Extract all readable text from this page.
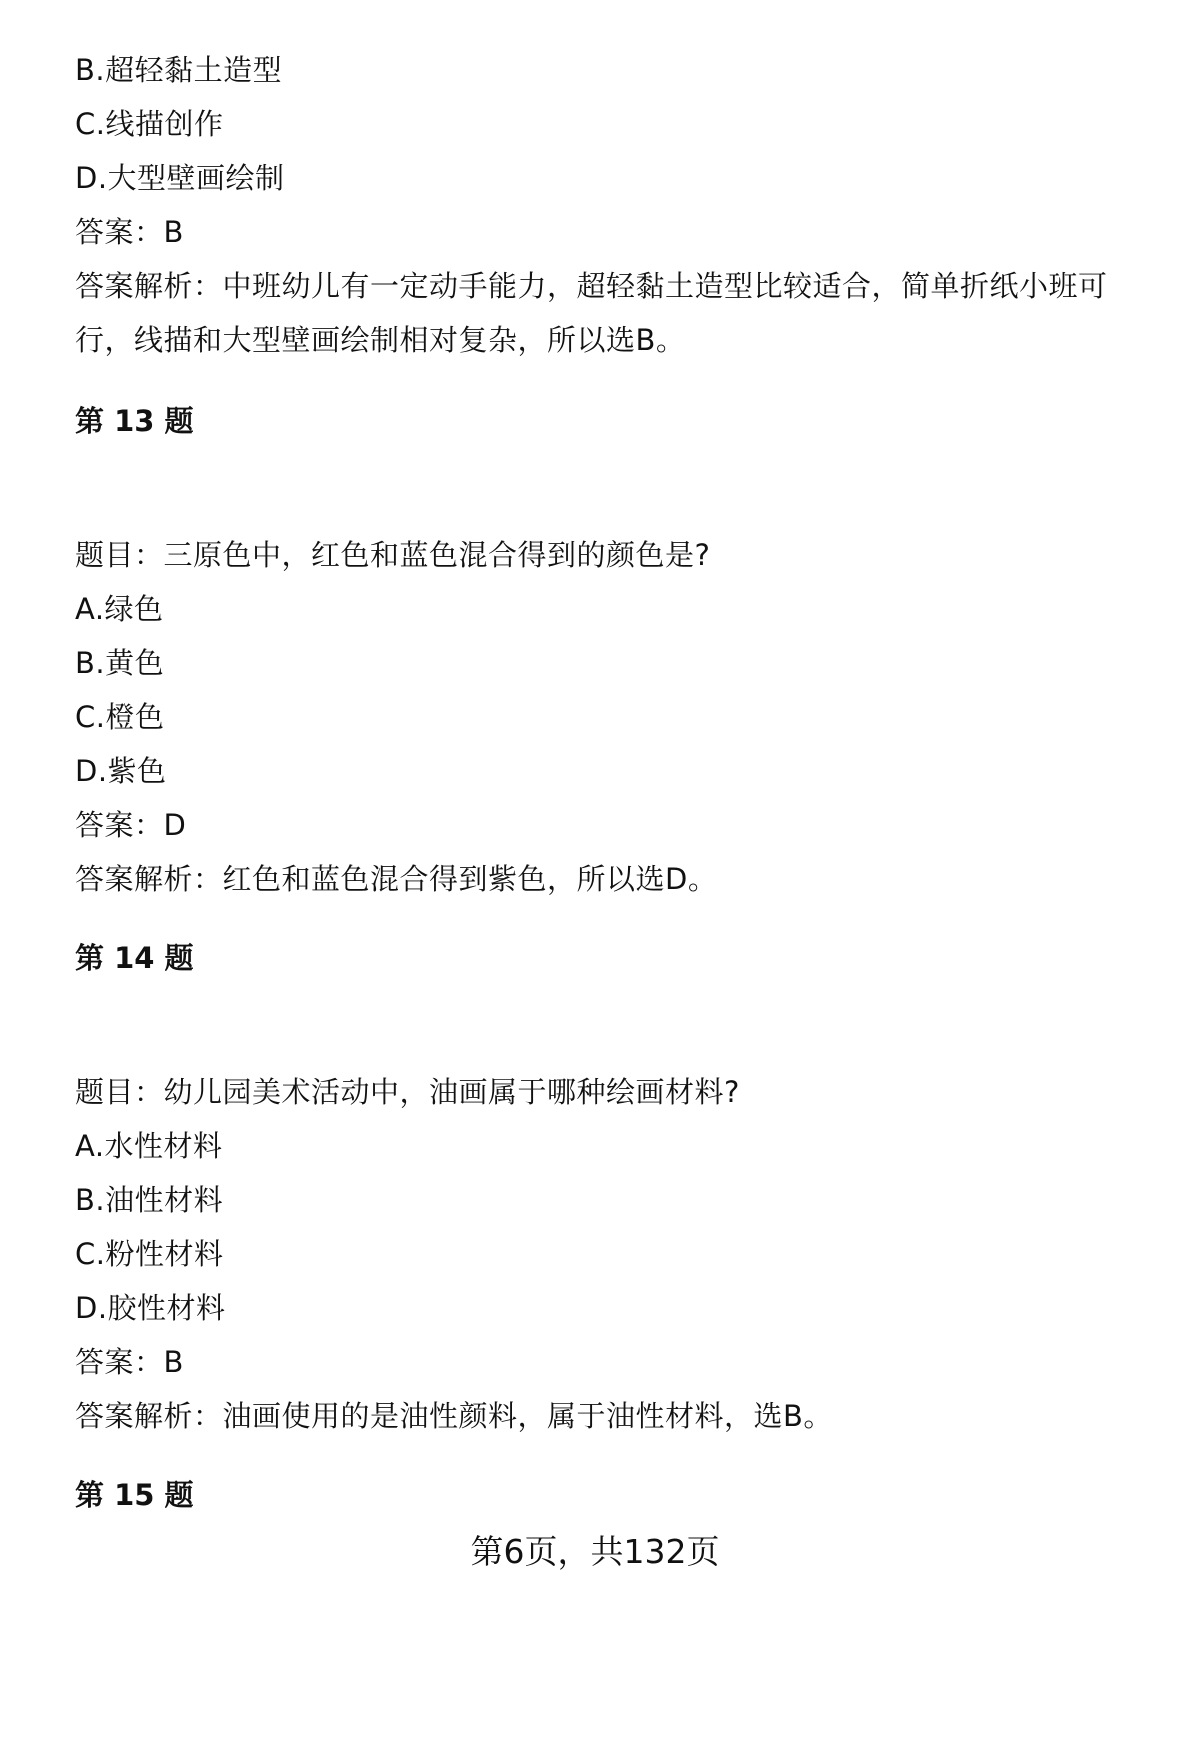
B.超轻黏土造型
C.线描创作
D.大型壁画绘制
答案：B
答案解析：中班幼儿有一定动手能力，超轻黏土造型比较适合，简单折纸小班可
行，线描和大型壁画绘制相对复杂，所以选B。
第 13 题
题目：三原色中，红色和蓝色混合得到的颜色是?
A.绿色
B.黄色
C.橙色
D.紫色
答案：D
答案解析：红色和蓝色混合得到紫色，所以选D。
第 14 题
题目：幼儿园美术活动中，油画属于哪种绘画材料?
A.水性材料
B.油性材料
C.粉性材料
D.胶性材料
答案：B
答案解析：油画使用的是油性颜料，属于油性材料，选B。
第 15 题
第6页，共132页
